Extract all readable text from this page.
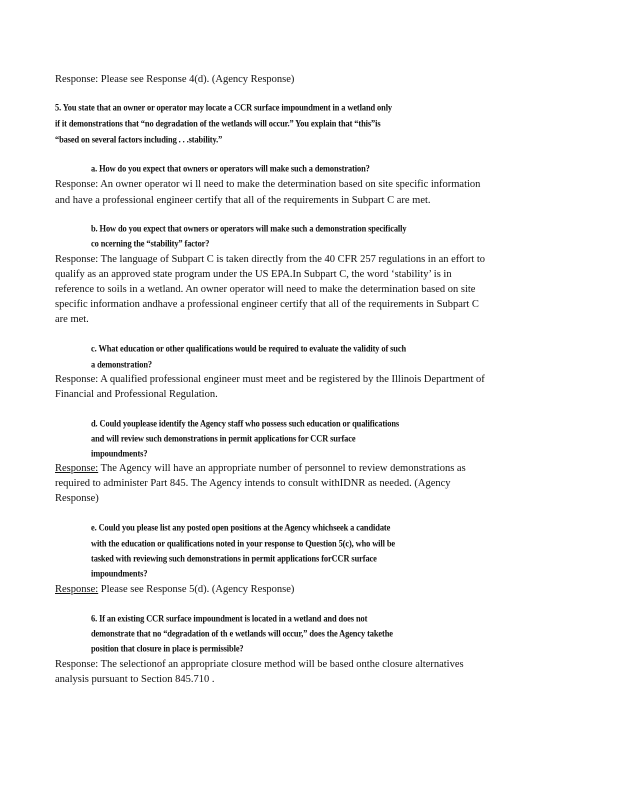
Response: Please see Response 4(d). (Agency Response)
5. You state that an owner or operator may locate a CCR surface impoundment in a wetland only
if it demonstrations that “no degradation of the wetlands will occur.” You explain that “this”is
“based on several factors including . . .stability.”
a. How do you expect that owners or operators will make such a demonstration?
Response: An owner operator wi ll need to make the determination based on site specific information
and have a professional engineer certify that all of the requirements in Subpart C are met.
b. How do you expect that owners or operators will make such a demonstration specifically
co ncerning the “stability” factor?
Response: The language of Subpart C is taken directly from the 40 CFR 257 regulations in an effort to
qualify as an approved state program under the US EPA.In Subpart C, the word ‘stability’ is in
reference to soils in a wetland. An owner operator will need to make the determination based on site
specific information andhave a professional engineer certify that all of the requirements in Subpart C
are met.
c. What education or other qualifications would be required to evaluate the validity of such
a demonstration?
Response: A qualified professional engineer must meet and be registered by the Illinois Department of
Financial and Professional Regulation.
d. Could youplease identify the Agency staff who possess such education or qualifications
and will review such demonstrations in permit applications for CCR surface
impoundments?
Response: The Agency will have an appropriate number of personnel to review demonstrations as
required to administer Part 845. The Agency intends to consult withIDNR as needed. (Agency
Response)
e. Could you please list any posted open positions at the Agency whichseek a candidate
with the education or qualifications noted in your response to Question 5(c), who will be
tasked with reviewing such demonstrations in permit applications forCCR surface
impoundments?
Response: Please see Response 5(d). (Agency Response)
6. If an existing CCR surface impoundment is located in a wetland and does not
demonstrate that no “degradation of th e wetlands will occur,” does the Agency takethe
position that closure in place is permissible?
Response: The selectionof an appropriate closure method will be based onthe closure alternatives
analysis pursuant to Section 845.710 .
